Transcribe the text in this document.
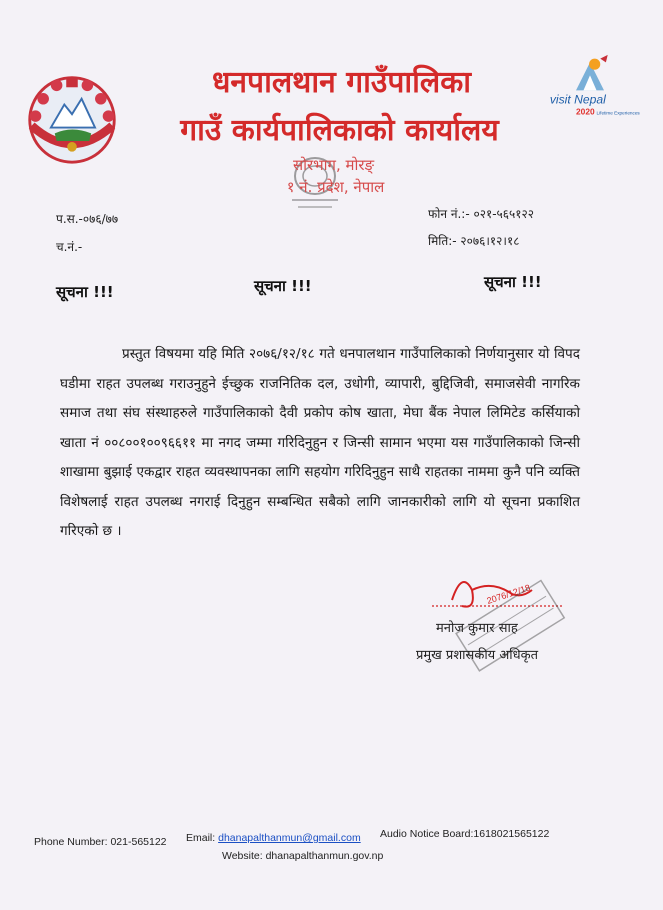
visit Nepal
2020 Lifetime Experiences
धनपालथान गाउँपालिका
गाउँ कार्यपालिकाको कार्यालय
सोरभाग, मोरङ्
१ नं. प्रदेश, नेपाल
प.स.-०७६/७७
च.नं.-
फोन नं.:- ०२१-५६५१२२
मिति:- २०७६।१२।१८
सूचना !!!	सूचना !!!	सूचना !!!
प्रस्तुत विषयमा यहि मिति २०७६/१२/१८ गते धनपालथान गाउँपालिकाको निर्णयानुसार यो विपद घडीमा राहत उपलब्ध गराउनुहुने ईच्छुक राजनितिक दल, उधोगी, व्यापारी, बुद्दिजिवी, समाजसेवी नागरिक समाज तथा संघ संस्थाहरुले गाउँपालिकाको दैवी प्रकोप कोष खाता, मेघा बैंक नेपाल लिमिटेड कर्सियाको खाता नं ००८००१००९६६११ मा नगद जम्मा गरिदिनुहुन र जिन्सी सामान भएमा यस गाउँपालिकाको जिन्सी शाखामा बुझाई एकद्वार राहत व्यवस्थापनका लागि सहयोग गरिदिनुहुन साथै राहतका नाममा कुनै पनि व्यक्ति विशेषलाई राहत उपलब्ध नगराई दिनुहुन सम्बन्धित सबैको लागि जानकारीको लागि यो सूचना प्रकाशित गरिएको छ ।
2076/12/18
मनोज कुमार साह
प्रमुख प्रशासकीय अधिकृत
Phone Number: 021-565122 Email: dhanapalthanmun@gmail.com Audio Notice Board:1618021565122
Website: dhanapalthanmun.gov.np
